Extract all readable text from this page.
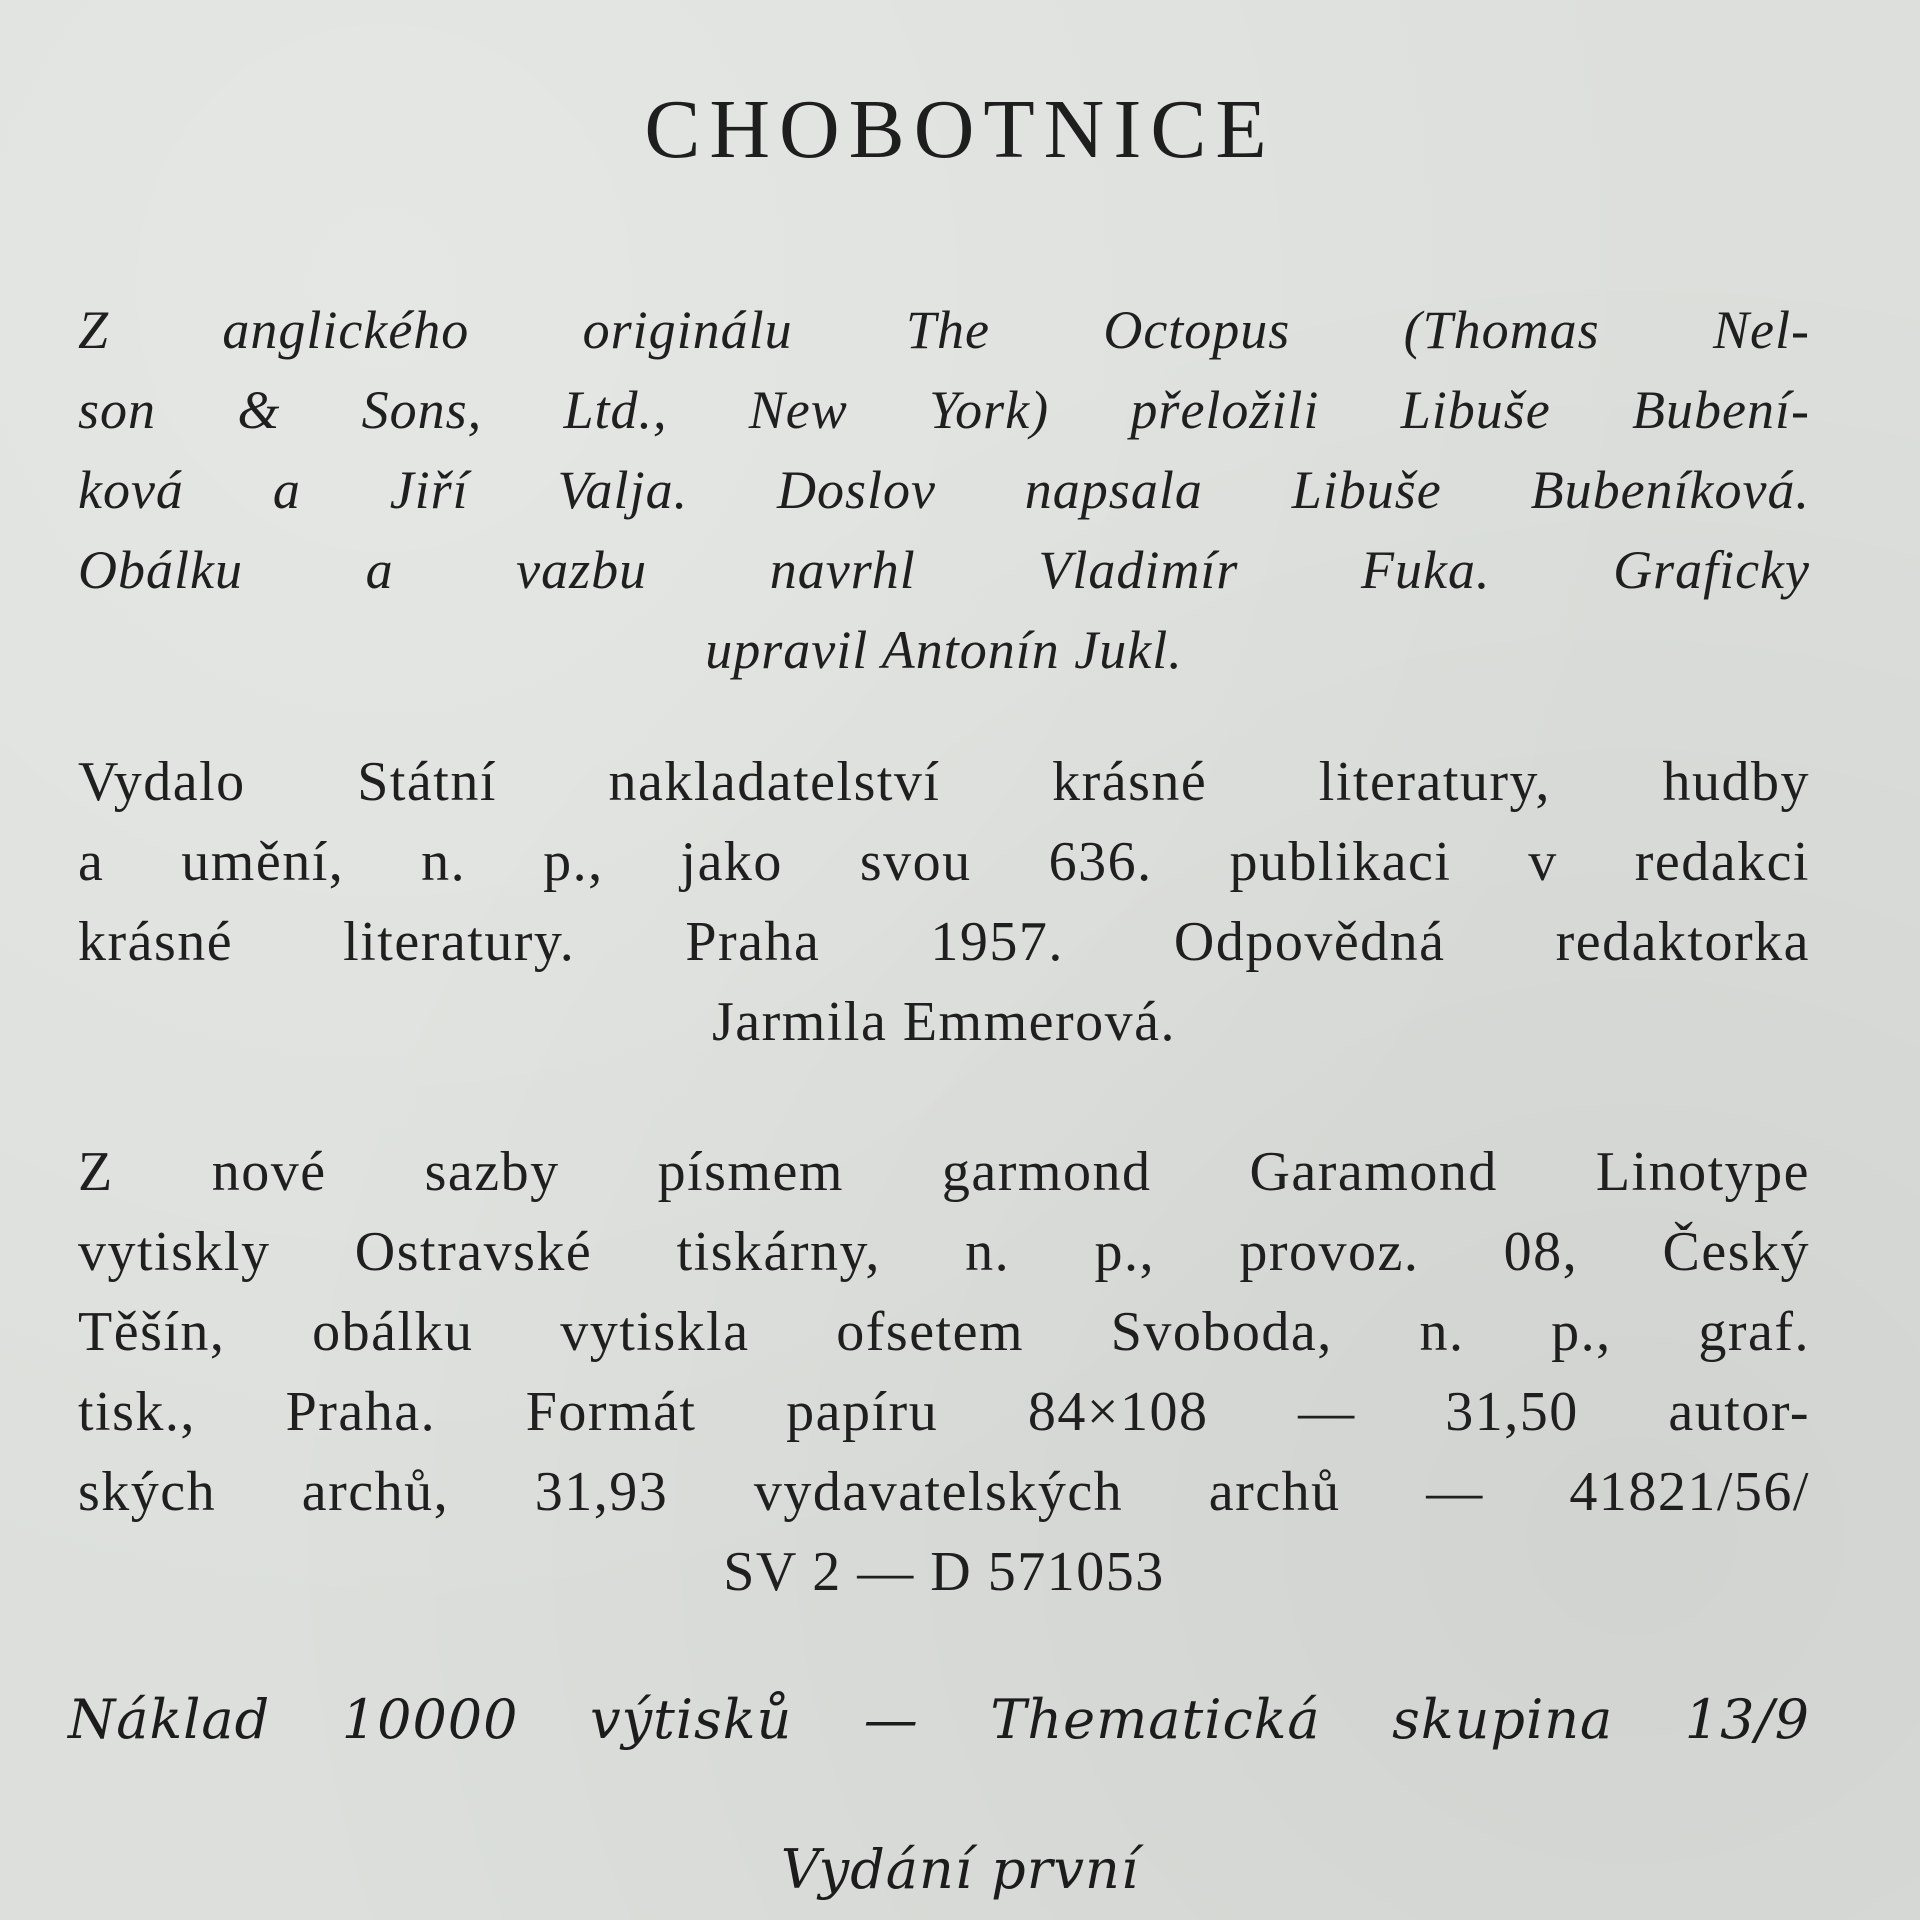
CHOBOTNICE
Z anglického originálu The Octopus (Thomas Nel-
son & Sons, Ltd., New York) přeložili Libuše Bubení-
ková a Jiří Valja. Doslov napsala Libuše Bubeníková.
Obálku a vazbu navrhl Vladimír Fuka. Graficky
upravil Antonín Jukl.
Vydalo Státní nakladatelství krásné literatury, hudby
a umění, n. p., jako svou 636. publikaci v redakci
krásné literatury. Praha 1957. Odpovědná redaktorka
Jarmila Emmerová.
Z nové sazby písmem garmond Garamond Linotype
vytiskly Ostravské tiskárny, n. p., provoz. 08, Český
Těšín, obálku vytiskla ofsetem Svoboda, n. p., graf.
tisk., Praha. Formát papíru 84×108 — 31,50 autor-
ských archů, 31,93 vydavatelských archů — 41821/56/
SV 2 — D 571053
Náklad 10000 výtisků — Thematická skupina 13/9
Vydání první
